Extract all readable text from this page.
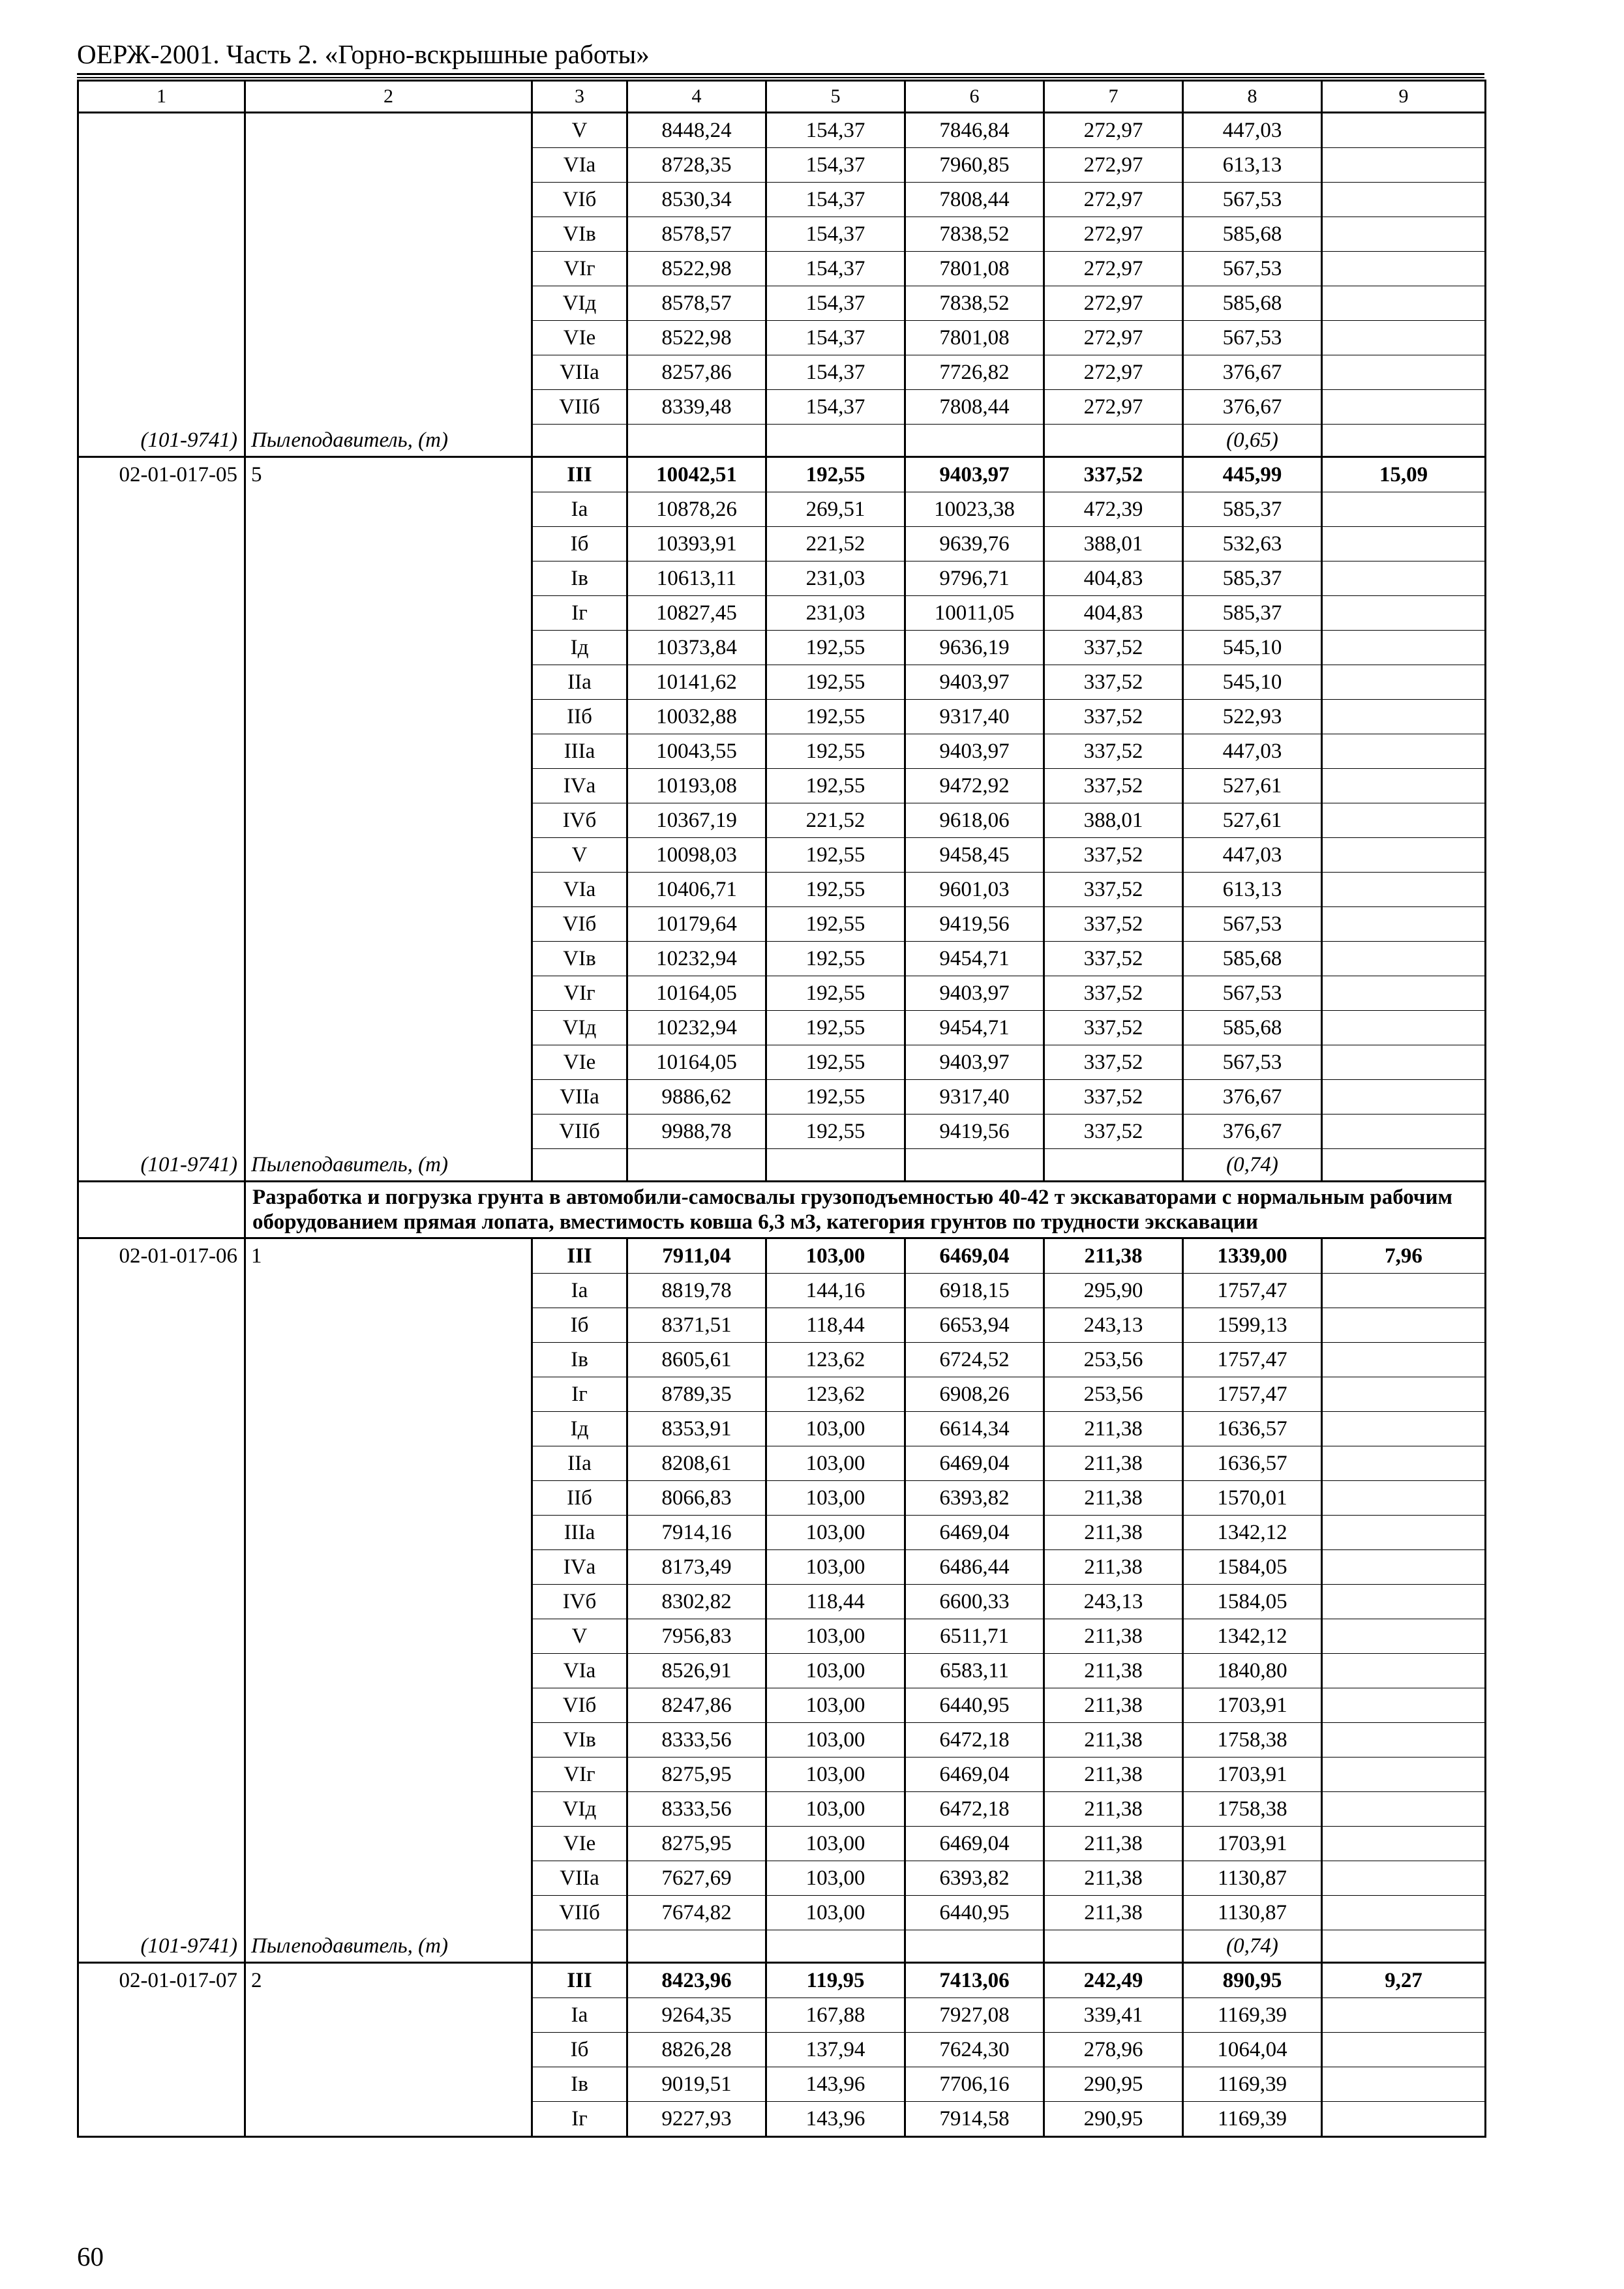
ОЕРЖ-2001. Часть 2. «Горно-вскрышные работы»
1	2	3	4	5	6	7	8	9
		V	8448,24	154,37	7846,84	272,97	447,03	
		VIа	8728,35	154,37	7960,85	272,97	613,13	
		VIб	8530,34	154,37	7808,44	272,97	567,53	
		VIв	8578,57	154,37	7838,52	272,97	585,68	
		VIг	8522,98	154,37	7801,08	272,97	567,53	
		VIд	8578,57	154,37	7838,52	272,97	585,68	
		VIе	8522,98	154,37	7801,08	272,97	567,53	
		VIIа	8257,86	154,37	7726,82	272,97	376,67	
		VIIб	8339,48	154,37	7808,44	272,97	376,67	
(101-9741)	Пылеподавитель, (т)						(0,65)	
02-01-017-05	5	III	10042,51	192,55	9403,97	337,52	445,99	15,09
		Iа	10878,26	269,51	10023,38	472,39	585,37	
		Iб	10393,91	221,52	9639,76	388,01	532,63	
		Iв	10613,11	231,03	9796,71	404,83	585,37	
		Iг	10827,45	231,03	10011,05	404,83	585,37	
		Iд	10373,84	192,55	9636,19	337,52	545,10	
		IIа	10141,62	192,55	9403,97	337,52	545,10	
		IIб	10032,88	192,55	9317,40	337,52	522,93	
		IIIа	10043,55	192,55	9403,97	337,52	447,03	
		IVа	10193,08	192,55	9472,92	337,52	527,61	
		IVб	10367,19	221,52	9618,06	388,01	527,61	
		V	10098,03	192,55	9458,45	337,52	447,03	
		VIа	10406,71	192,55	9601,03	337,52	613,13	
		VIб	10179,64	192,55	9419,56	337,52	567,53	
		VIв	10232,94	192,55	9454,71	337,52	585,68	
		VIг	10164,05	192,55	9403,97	337,52	567,53	
		VIд	10232,94	192,55	9454,71	337,52	585,68	
		VIе	10164,05	192,55	9403,97	337,52	567,53	
		VIIа	9886,62	192,55	9317,40	337,52	376,67	
		VIIб	9988,78	192,55	9419,56	337,52	376,67	
(101-9741)	Пылеподавитель, (т)						(0,74)	
	Разработка и погрузка грунта в автомобили-самосвалы грузоподъемностью 40-42 т экскаваторами с нормальным рабочим оборудованием прямая лопата, вместимость ковша 6,3 м3, категория грунтов по трудности экскавации							
02-01-017-06	1	III	7911,04	103,00	6469,04	211,38	1339,00	7,96
		Iа	8819,78	144,16	6918,15	295,90	1757,47	
		Iб	8371,51	118,44	6653,94	243,13	1599,13	
		Iв	8605,61	123,62	6724,52	253,56	1757,47	
		Iг	8789,35	123,62	6908,26	253,56	1757,47	
		Iд	8353,91	103,00	6614,34	211,38	1636,57	
		IIа	8208,61	103,00	6469,04	211,38	1636,57	
		IIб	8066,83	103,00	6393,82	211,38	1570,01	
		IIIа	7914,16	103,00	6469,04	211,38	1342,12	
		IVа	8173,49	103,00	6486,44	211,38	1584,05	
		IVб	8302,82	118,44	6600,33	243,13	1584,05	
		V	7956,83	103,00	6511,71	211,38	1342,12	
		VIа	8526,91	103,00	6583,11	211,38	1840,80	
		VIб	8247,86	103,00	6440,95	211,38	1703,91	
		VIв	8333,56	103,00	6472,18	211,38	1758,38	
		VIг	8275,95	103,00	6469,04	211,38	1703,91	
		VIд	8333,56	103,00	6472,18	211,38	1758,38	
		VIе	8275,95	103,00	6469,04	211,38	1703,91	
		VIIа	7627,69	103,00	6393,82	211,38	1130,87	
		VIIб	7674,82	103,00	6440,95	211,38	1130,87	
(101-9741)	Пылеподавитель, (т)						(0,74)	
02-01-017-07	2	III	8423,96	119,95	7413,06	242,49	890,95	9,27
		Iа	9264,35	167,88	7927,08	339,41	1169,39	
		Iб	8826,28	137,94	7624,30	278,96	1064,04	
		Iв	9019,51	143,96	7706,16	290,95	1169,39	
		Iг	9227,93	143,96	7914,58	290,95	1169,39	
60
